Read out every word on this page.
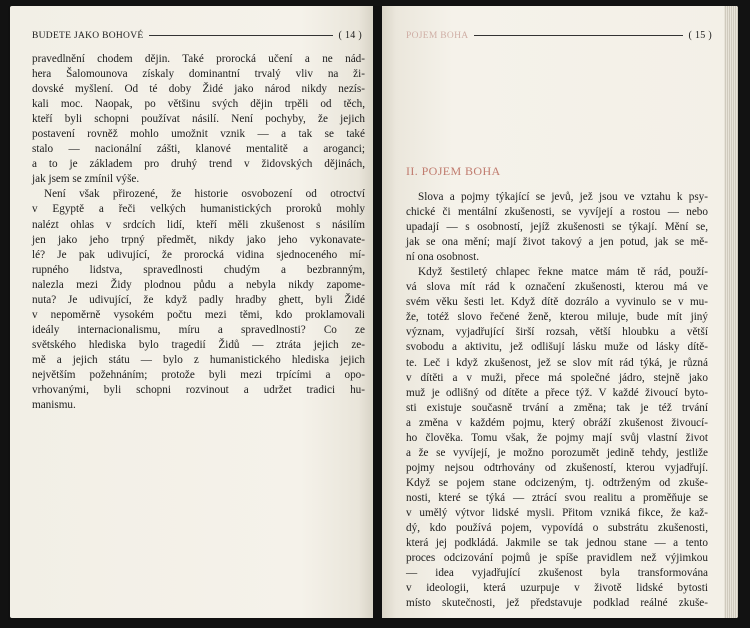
BUDETE JAKO BOHOVÉ	( 14 )
pravedlnění chodem dějin. Také prorocká učení a ne nád-
hera Šalomounova získaly dominantní trvalý vliv na ži-
dovské myšlení. Od té doby Židé jako národ nikdy nezís-
kali moc. Naopak, po většinu svých dějin trpěli od těch,
kteří byli schopni používat násilí. Není pochyby, že jejich
postavení rovněž mohlo umožnit vznik — a tak se také
stalo — nacionální zášti, klanové mentalitě a aroganci;
a to je základem pro druhý trend v židovských dějinách,
jak jsem se zmínil výše.
Není však přirozené, že historie osvobození od otroctví
v Egyptě a řeči velkých humanistických proroků mohly
nalézt ohlas v srdcích lidí, kteří měli zkušenost s násilím
jen jako jeho trpný předmět, nikdy jako jeho vykonavate-
lé? Je pak udivující, že prorocká vidina sjednoceného mí-
rupného lidstva, spravedlnosti chudým a bezbranným,
nalezla mezi Židy plodnou půdu a nebyla nikdy zapome-
nuta? Je udivující, že když padly hradby ghett, byli Židé
v nepoměrně vysokém počtu mezi těmi, kdo proklamovali
ideály internacionalismu, míru a spravedlnosti? Co ze
světského hlediska bylo tragedií Židů — ztráta jejich ze-
mě a jejich státu — bylo z humanistického hlediska jejich
největším požehnáním; protože byli mezi trpícími a opo-
vrhovanými, byli schopni rozvinout a udržet tradici hu-
manismu.
POJEM BOHA	( 15 )
II. POJEM BOHA
Slova a pojmy týkající se jevů, jež jsou ve vztahu k psy-
chické či mentální zkušenosti, se vyvíjejí a rostou — nebo
upadají — s osobností, jejíž zkušenosti se týkají. Mění se,
jak se ona mění; mají život takový a jen potud, jak se mě-
ní ona osobnost.
Když šestiletý chlapec řekne matce mám tě rád, použí-
vá slova mít rád k označení zkušenosti, kterou má ve
svém věku šesti let. Když dítě dozrálo a vyvinulo se v mu-
že, totéž slovo řečené ženě, kterou miluje, bude mít jiný
význam, vyjadřující širší rozsah, větší hloubku a větší
svobodu a aktivitu, jež odlišují lásku muže od lásky dítě-
te. Leč i když zkušenost, jež se slov mít rád týká, je různá
v dítěti a v muži, přece má společné jádro, stejně jako
muž je odlišný od dítěte a přece týž. V každé živoucí byto-
sti existuje současně trvání a změna; tak je též trvání
a změna v každém pojmu, který obráží zkušenost živoucí-
ho člověka. Tomu však, že pojmy mají svůj vlastní život
a že se vyvíjejí, je možno porozumět jedině tehdy, jestliže
pojmy nejsou odtrhovány od zkušeností, kterou vyjadřují.
Když se pojem stane odcizeným, tj. odtrženým od zkuše-
nosti, které se týká — ztrácí svou realitu a proměňuje se
v umělý výtvor lidské mysli. Přitom vzniká fikce, že kaž-
dý, kdo používá pojem, vypovídá o substrátu zkušenosti,
která jej podkládá. Jakmile se tak jednou stane — a tento
proces odcizování pojmů je spíše pravidlem než výjimkou
— idea vyjadřující zkušenost byla transformována
v ideologii, která uzurpuje v životě lidské bytosti
místo skutečnosti, jež představuje podklad reálné zkuše-
